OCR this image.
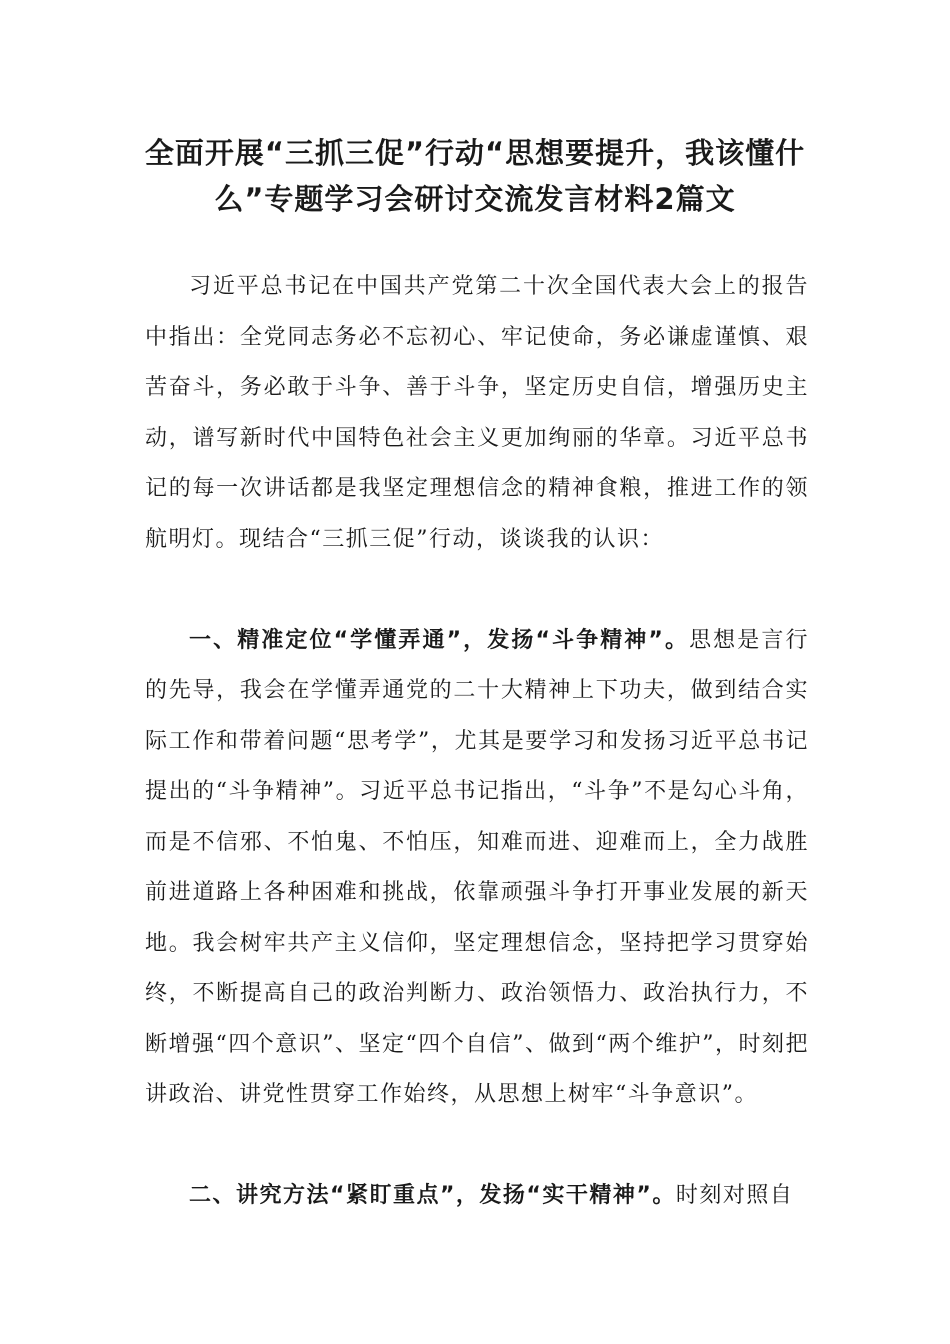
全面开展“三抓三促”行动“思想要提升，我该懂什么”专题学习会研讨交流发言材料2篇文

习近平总书记在中国共产党第二十次全国代表大会上的报告中指出：全党同志务必不忘初心、牢记使命，务必谦虚谨慎、艰苦奋斗，务必敢于斗争、善于斗争，坚定历史自信，增强历史主动，谱写新时代中国特色社会主义更加绚丽的华章。习近平总书记的每一次讲话都是我坚定理想信念的精神食粮，推进工作的领航明灯。现结合“三抓三促”行动，谈谈我的认识：

一、精准定位“学懂弄通”，发扬“斗争精神”。思想是言行的先导，我会在学懂弄通党的二十大精神上下功夫，做到结合实际工作和带着问题“思考学”，尤其是要学习和发扬习近平总书记提出的“斗争精神”。习近平总书记指出，“斗争”不是勾心斗角，而是不信邪、不怕鬼、不怕压，知难而进、迎难而上，全力战胜前进道路上各种困难和挑战，依靠顽强斗争打开事业发展的新天地。我会树牢共产主义信仰，坚定理想信念，坚持把学习贯穿始终，不断提高自己的政治判断力、政治领悟力、政治执行力，不断增强“四个意识”、坚定“四个自信”、做到“两个维护”，时刻把讲政治、讲党性贯穿工作始终，从思想上树牢“斗争意识”。

二、讲究方法“紧盯重点”，发扬“实干精神”。时刻对照自
